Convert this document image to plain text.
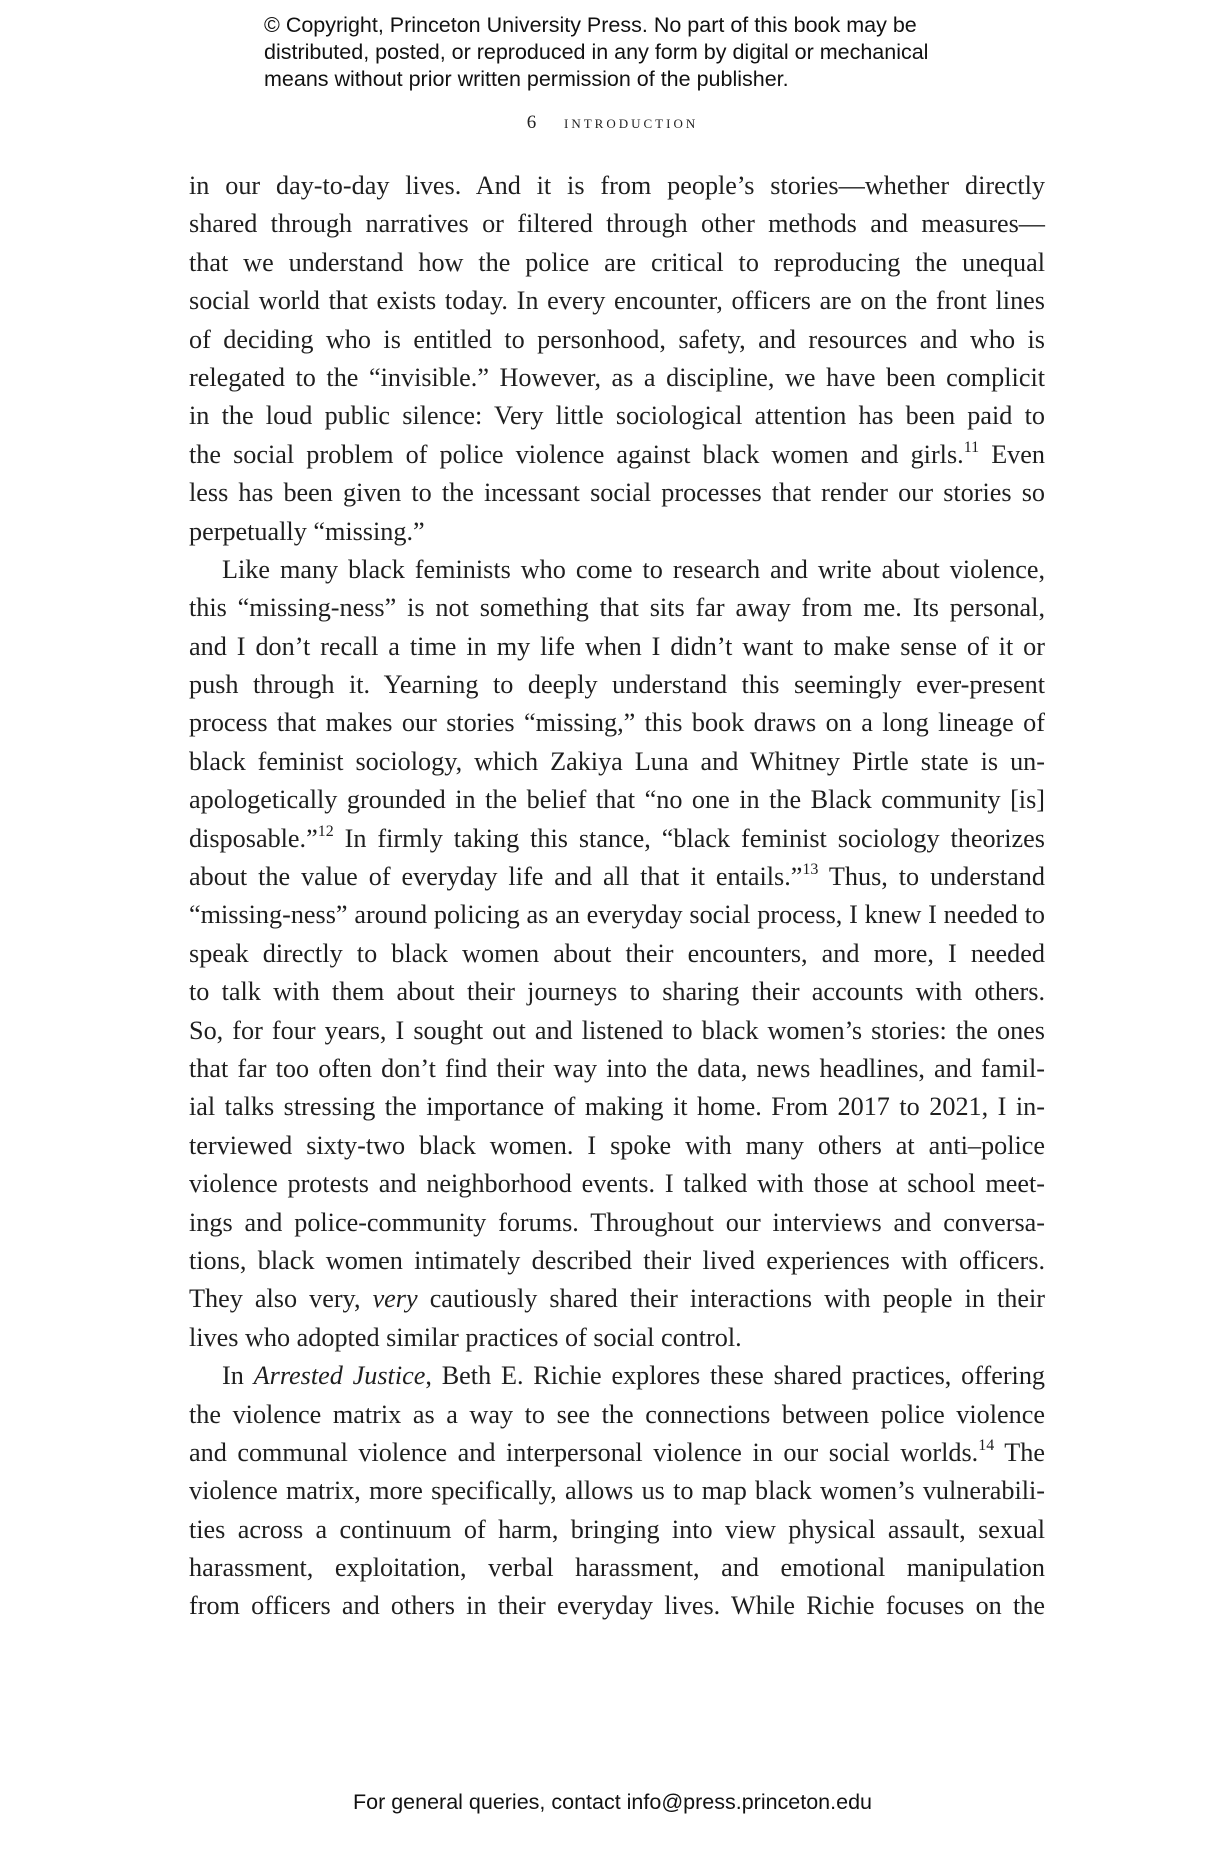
© Copyright, Princeton University Press. No part of this book may be
distributed, posted, or reproduced in any form by digital or mechanical
means without prior written permission of the publisher.
6 introduction
in our day-to-day lives. And it is from people’s stories—whether directly
shared through narratives or filtered through other methods and measures—
that we understand how the police are critical to reproducing the unequal
social world that exists today. In every encounter, officers are on the front lines
of deciding who is entitled to personhood, safety, and resources and who is
relegated to the “invisible.” However, as a discipline, we have been complicit
in the loud public silence: Very little sociological attention has been paid to
the social problem of police violence against black women and girls.$^{11}$ Even
less has been given to the incessant social processes that render our stories so
perpetually “missing.”
Like many black feminists who come to research and write about violence,
this “missing-ness” is not something that sits far away from me. Its personal,
and I don’t recall a time in my life when I didn’t want to make sense of it or
push through it. Yearning to deeply understand this seemingly ever-present
process that makes our stories “missing,” this book draws on a long lineage of
black feminist sociology, which Zakiya Luna and Whitney Pirtle state is un-
apologetically grounded in the belief that “no one in the Black community [is]
disposable.”$^{12}$ In firmly taking this stance, “black feminist sociology theorizes
about the value of everyday life and all that it entails.”$^{13}$ Thus, to understand
“missing-ness” around policing as an everyday social process, I knew I needed to
speak directly to black women about their encounters, and more, I needed
to talk with them about their journeys to sharing their accounts with others.
So, for four years, I sought out and listened to black women’s stories: the ones
that far too often don’t find their way into the data, news headlines, and famil-
ial talks stressing the importance of making it home. From 2017 to 2021, I in-
terviewed sixty-two black women. I spoke with many others at anti–police
violence protests and neighborhood events. I talked with those at school meet-
ings and police-community forums. Throughout our interviews and conversa-
tions, black women intimately described their lived experiences with officers.
They also very, very cautiously shared their interactions with people in their
lives who adopted similar practices of social control.
In Arrested Justice, Beth E. Richie explores these shared practices, offering
the violence matrix as a way to see the connections between police violence
and communal violence and interpersonal violence in our social worlds.$^{14}$ The
violence matrix, more specifically, allows us to map black women’s vulnerabili-
ties across a continuum of harm, bringing into view physical assault, sexual
harassment, exploitation, verbal harassment, and emotional manipulation
from officers and others in their everyday lives. While Richie focuses on the
For general queries, contact info@press.princeton.edu
